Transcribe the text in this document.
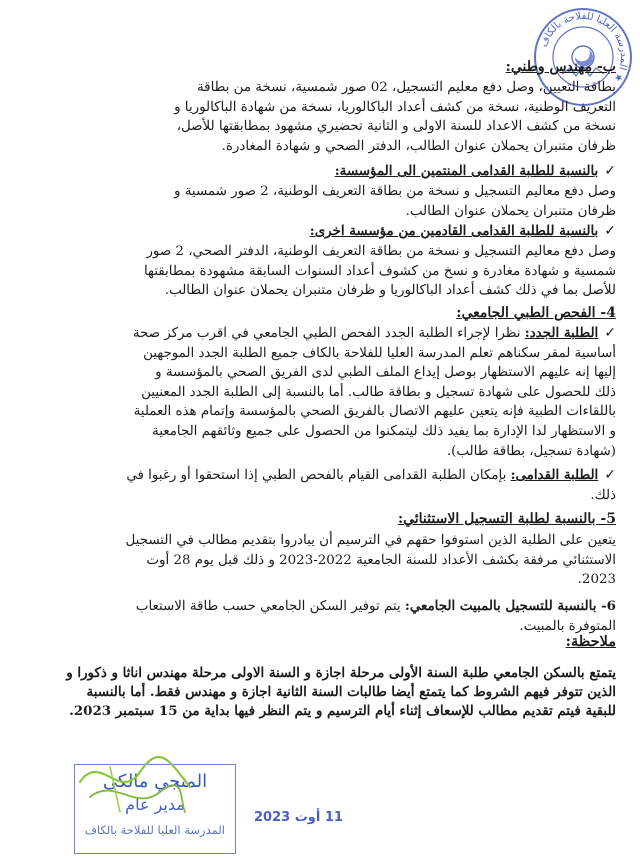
المدرسة العليا للفلاحة بالكاف ★
ب- مهندس وطني:
بطاقة التعيين، وصل دفع معليم التسجيل، 02 صور شمسية، نسخة من بطاقة
التعريف الوطنية، نسخة من كشف أعداد الباكالوريا، نسخة من شهادة الباكالوريا و
نسخة من كشف الاعداد للسنة الاولى و الثانية تحضيري مشهود بمطابقتها للأصل،
ظرفان متنبران يحملان عنوان الطالب، الدفتر الصحي و شهادة المغادرة.
✓بالنسبة للطلبة القدامى المنتمين الى المؤسسة:
وصل دفع معاليم التسجيل و نسخة من بطاقة التعريف الوطنية، 2 صور شمسية و
ظرفان متنبران يحملان عنوان الطالب.
✓بالنسبة للطلبة القدامى القادمين من مؤسسة اخرى:
وصل دفع معاليم التسجيل و نسخة من بطاقة التعريف الوطنية، الدفتر الصحي، 2 صور
شمسية و شهادة مغادرة و نسخ من كشوف أعداد السنوات السابقة مشهودة بمطابقتها
للأصل بما في ذلك كشف أعداد الباكالوريا و ظرفان متنبران يحملان عنوان الطالب.
4- الفحص الطبي الجامعي:
✓الطلبة الجدد: نظرا لإجراء الطلبة الجدد الفحص الطبي الجامعي في اقرب مركز صحة
أساسية لمقر سكناهم تعلم المدرسة العليا للفلاحة بالكاف جميع الطلبة الجدد الموجهين
إليها إنه عليهم الاستظهار بوصل إيداع الملف الطبي لدى الفريق الصحي بالمؤسسة و
ذلك للحصول على شهادة تسجيل و بطاقة طالب. أما بالنسبة إلى الطلبة الجدد المعنيين
باللقاءات الطبية فإنه يتعين عليهم الاتصال بالفريق الصحي بالمؤسسة وإتمام هذه العملية
و الاستظهار لدا الإدارة بما يفيد ذلك ليتمكنوا من الحصول على جميع وثائقهم الجامعية
(شهادة تسجيل، بطاقة طالب).
✓الطلبة القدامى: بإمكان الطلبة القدامى القيام بالفحص الطبي إذا استحقوا أو رغبوا في
ذلك.
5- بالنسبة لطلبة التسجيل الاستثنائي:
يتعين على الطلبة الذين استوفوا حقهم في الترسيم أن يبادروا بتقديم مطالب في التسجيل
الاستثنائي مرفقة بكشف الأعداد للسنة الجامعية 2022-2023 و ذلك قبل يوم 28 أوت
2023.
6- بالنسبة للتسجيل بالمبيت الجامعي: يتم توفير السكن الجامعي حسب طاقة الاستعاب
المتوفرة بالمبيت.
ملاحظة:
يتمتع بالسكن الجامعي طلبة السنة الأولى مرحلة اجازة و السنة الاولى مرحلة مهندس اناثا و ذكورا و
الذين تتوفر فيهم الشروط كما يتمتع أيضا طالبات السنة الثانية اجازة و مهندس فقط. أما بالنسبة
للبقية فيتم تقديم مطالب للإسعاف إثناء أيام الترسيم و يتم النظر فيها بداية من 15 سبتمبر 2023.
المنجي مالكي
مدير عام
المدرسة العليا للفلاحة بالكاف
11 أوت 2023
